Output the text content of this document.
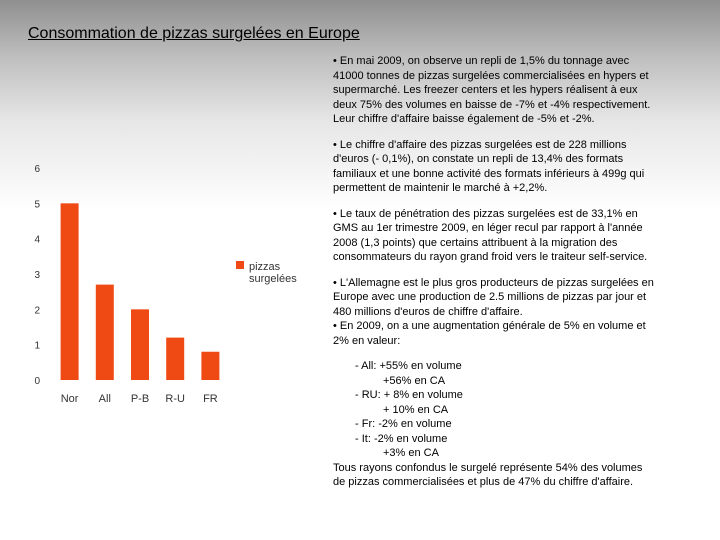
Consommation de pizzas surgelées en Europe
0
1
2
3
4
5
6
Nor All P-B R-U FR
pizzas
surgelées
• En mai 2009, on observe un repli de 1,5% du tonnage avec
41000 tonnes de pizzas surgelées commercialisées en hypers et
supermarché. Les freezer centers et les hypers réalisent à eux
deux 75% des volumes en baisse de -7% et -4% respectivement.
Leur chiffre d'affaire baisse également de -5% et -2%.
• Le chiffre d'affaire des pizzas surgelées est de 228 millions
d'euros (- 0,1%), on constate un repli de 13,4% des formats
familiaux et une bonne activité des formats inférieurs à 499g qui
permettent de maintenir le marché à +2,2%.
• Le taux de pénétration des pizzas surgelées est de 33,1% en
GMS au 1er trimestre 2009, en léger recul par rapport à l'année
2008 (1,3 points) que certains attribuent à la migration des
consommateurs du rayon grand froid vers le traiteur self-service.
• L'Allemagne est le plus gros producteurs de pizzas surgelées en
Europe avec une production de 2.5 millions de pizzas par jour et
480 millions d'euros de chiffre d'affaire.
• En 2009, on a une augmentation générale de 5% en volume et
2% en valeur:
- All: +55% en volume
+56% en CA
- RU: + 8% en volume
+ 10% en CA
- Fr: -2% en volume
- It: -2% en volume
+3% en CA
Tous rayons confondus le surgelé représente 54% des volumes
de pizzas commercialisées et plus de 47% du chiffre d'affaire.
